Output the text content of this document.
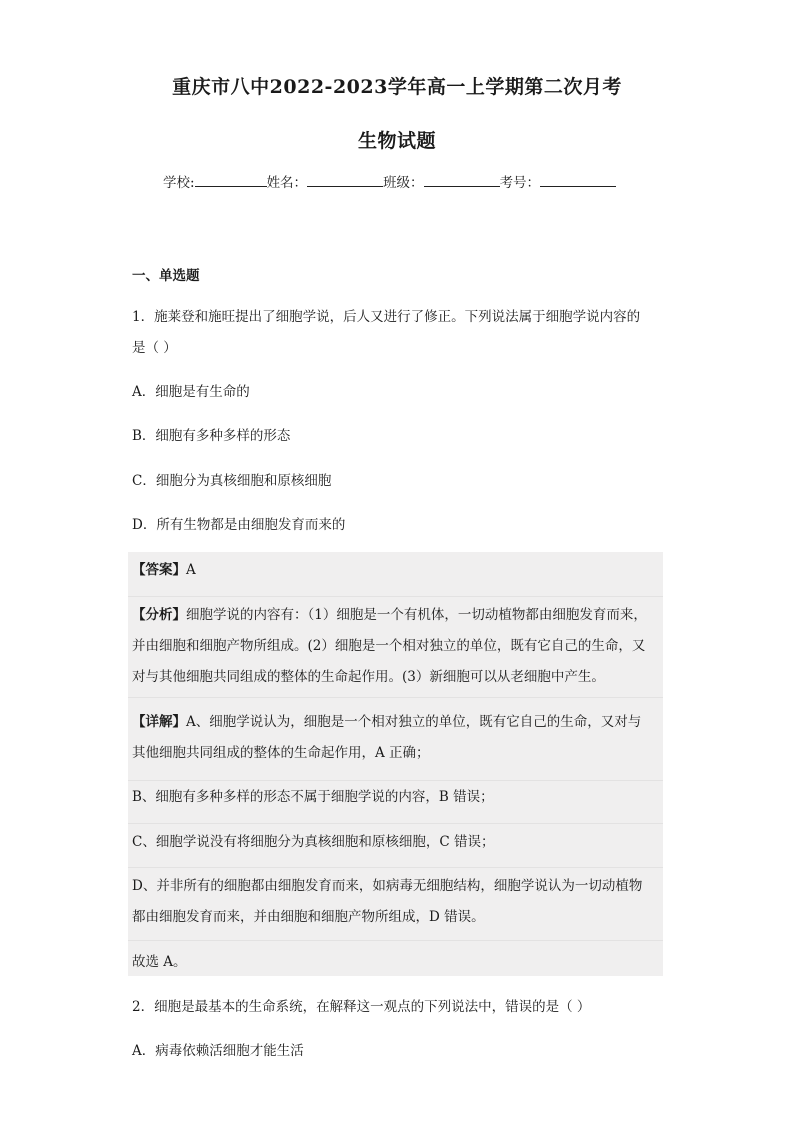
重庆市八中2022-2023学年高一上学期第二次月考
生物试题
学校:	姓名：	班级：	考号：
一、单选题
1．施莱登和施旺提出了细胞学说，后人又进行了修正。下列说法属于细胞学说内容的
是（ ）
A．细胞是有生命的
B．细胞有多种多样的形态
C．细胞分为真核细胞和原核细胞
D．所有生物都是由细胞发育而来的
【答案】A
【分析】细胞学说的内容有：（1）细胞是一个有机体，一切动植物都由细胞发育而来，
并由细胞和细胞产物所组成。(2）细胞是一个相对独立的单位，既有它自己的生命，又
对与其他细胞共同组成的整体的生命起作用。(3）新细胞可以从老细胞中产生。
【详解】A、细胞学说认为，细胞是一个相对独立的单位，既有它自己的生命，又对与
其他细胞共同组成的整体的生命起作用，A 正确；
B、细胞有多种多样的形态不属于细胞学说的内容，B 错误；
C、细胞学说没有将细胞分为真核细胞和原核细胞，C 错误；
D、并非所有的细胞都由细胞发育而来，如病毒无细胞结构，细胞学说认为一切动植物
都由细胞发育而来，并由细胞和细胞产物所组成，D 错误。
故选 A。
2．细胞是最基本的生命系统，在解释这一观点的下列说法中，错误的是（ ）
A．病毒依赖活细胞才能生活
